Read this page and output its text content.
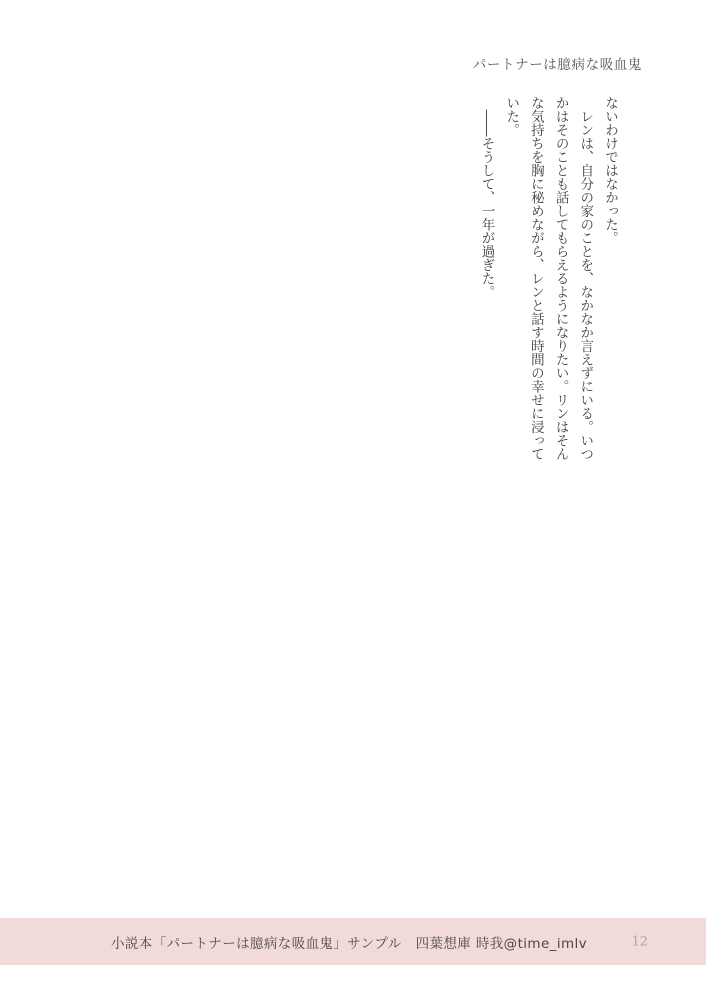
パートナーは臆病な吸血鬼

ないわけではなかった。

　レンは、自分の家のことを、なかなか言えずにいる。いつかはそのことも話してもらえるようになりたい。リンはそんな気持ちを胸に秘めながら、レンと話す時間の幸せに浸っていた。

　――そうして、一年が過ぎた。

小説本「パートナーは臆病な吸血鬼」サンプル　四葉想庫 時我@time_imlv	12
